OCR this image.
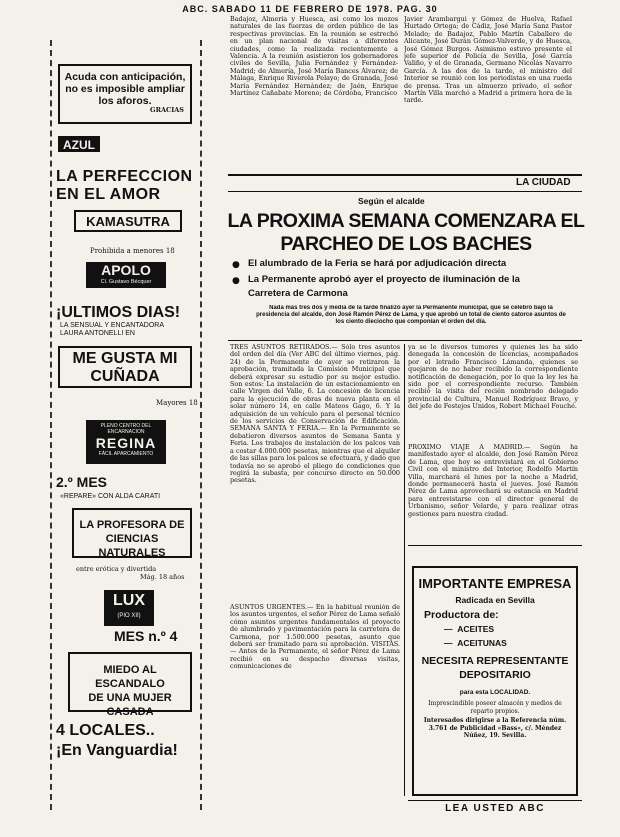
ABC. SABADO 11 DE FEBRERO DE 1978. PAG. 30
Acuda con anticipación,
no es imposible ampliar
los aforos.
GRACIAS
AZUL
LA PERFECCION
EN EL AMOR
KAMASUTRA
Prohibida a menores 18
APOLO
Cl. Gustavo Bécquer
¡ULTIMOS DIAS!
LA SENSUAL Y ENCANTADORA
LAURA ANTONELLI EN
ME GUSTA MI
CUÑADA
Mayores 18
PLENO CENTRO DEL
ENCARNACION
REGINA
FÁCIL APARCAMIENTO
2.º MES
«REPARE» CON ALDA CARATI
LA PROFESORA DE
CIENCIAS NATURALES
entre erótica y divertida
Mág. 18 años
LUX
(PIO XII)
MES n.º 4
MIEDO AL ESCANDALO
DE UNA MUJER
CASADA
4 LOCALES..
¡En Vanguardia!
Badajoz, Almería y Huesca, así como los mozos naturales de las fuerzas de orden público de las respectivas provincias. En la reunión se estrechó en un plan nacional de visitas a diferentes ciudades, como la realizada recientemente a Valencia. A la reunión asistieron los gobernadores civiles de Sevilla, Julia Fernández y Fernández-Madrid; de Almería, José María Bances Álvarez; de Málaga, Enrique Riverola Pelayo; de Granada, José María Fernández Hernández; de Jaén, Enrique Martínez Cañabate Moreno; de Córdoba, Francisco
Javier Arambargui y Gómez de Huelva, Rafael Hurtado Ortega; de Cádiz, José María Sanz Pastor Melado; de Badajoz, Pablo Martín Caballero de Alicante, José Durán Gómez-Valverde, y de Huesca, José Gómez Burgos. Asimismo estuvo presente el jefe superior de Policía de Sevilla, José García Valiño, y el de Granada, Germano Nicolás Navarro García. A las dos de la tarde, el ministro del Interior se reunió con los periodistas en una rueda de prensa. Tras un almuerzo privado, el señor Martín Villa marchó a Madrid a primera hora de la tarde.
LA CIUDAD
Según el alcalde
LA PROXIMA SEMANA COMENZARA EL
PARCHEO DE LOS BACHES
● El alumbrado de la Feria se hará por adjudicación directa
● La Permanente aprobó ayer el proyecto de iluminación de la
Carretera de Carmona
Nada más tres dos y media de la tarde finalizó ayer la Permanente municipal, que se celebró bajo la presidencia del alcalde, don José Ramón Pérez de Lama, y que aprobó un total de ciento catorce asuntos de los ciento dieciocho que componían el orden del día.
TRES ASUNTOS RETIRADOS.— Sólo tres asuntos del orden del día (Ver ABC del último viernes, pág. 24) de la Permanente de ayer se retiraron la aprobación, tramitada la Comisión Municipal que deberá expresar su estudio por su mejor estudio. Son estos: La instalación de un estacionamiento en calle Virgen del Valle, 6. La concesión de licencia para la ejecución de obras de nueva planta en el solar número 14, en calle Mateos Gago, 6. Y la adquisición de un vehículo para el personal técnico de los servicios de Conservación de Edificación. SEMANA SANTA Y FERIA.— En la Permanente se debatieron diversos asuntos de Semana Santa y Feria. Los trabajos de instalación de los palcos van a costar 4.000.000 pesetas, mientras que el alquiler de las sillas para los palcos se efectuará, y dado que todavía no se aprobó el pliego de condiciones que regirá la subasta, por concurso directo en 50.000 pesetas.
ASUNTOS URGENTES.— En la habitual reunión de los asuntos urgentes, el señor Pérez de Lama señaló cómo asuntos urgentes fundamentales el proyecto de alumbrado y pavimentación para la carretera de Carmona, por 1.500.000 pesetas, asunto que deberá ser tramitado para su aprobación. VISITAS.— Antes de la Permanente, el señor Pérez de Lama recibió en su despacho diversas visitas, comunicaciones de
ya se le diversos tumores y quienes les ha sido denegada la concesión de licencias, acompañados por el letrado Francisco Lámanda, quienes se quejaron de no haber recibido la correspondiente notificación de denegación, por lo que la ley les ha sido por el correspondiente recurso. También recibió la visita del recién nombrado delegado provincial de Cultura, Manuel Rodríguez Bravo, y del jefe de Festejos Unidos, Robert Michael Fouché.
PROXIMO VIAJE A MADRID.— Según ha manifestado ayer el alcalde, don José Ramón Pérez de Lama, que hoy se entrevistará en el Gobierno Civil con el ministro del Interior, Rodolfo Martín Villa, marchará el lunes por la noche a Madrid, donde permanecerá hasta el jueves. José Ramón Pérez de Lama aprovechará su estancia en Madrid para entrevistarse con el director general de Urbanismo, señor Velarde, y para realizar otras gestiones para nuestra ciudad.
IMPORTANTE EMPRESA
Radicada en Sevilla
Productora de:
—  ACEITES
—  ACEITUNAS
NECESITA REPRESENTANTE
DEPOSITARIO
para esta LOCALIDAD.
Imprescindible poseer almacén y medios de reparto propios.
Interesados dirigirse a la Referencia núm. 3.761 de Publicidad «Bass», c/. Méndez Núñez, 19. Sevilla.
LEA USTED ABC
